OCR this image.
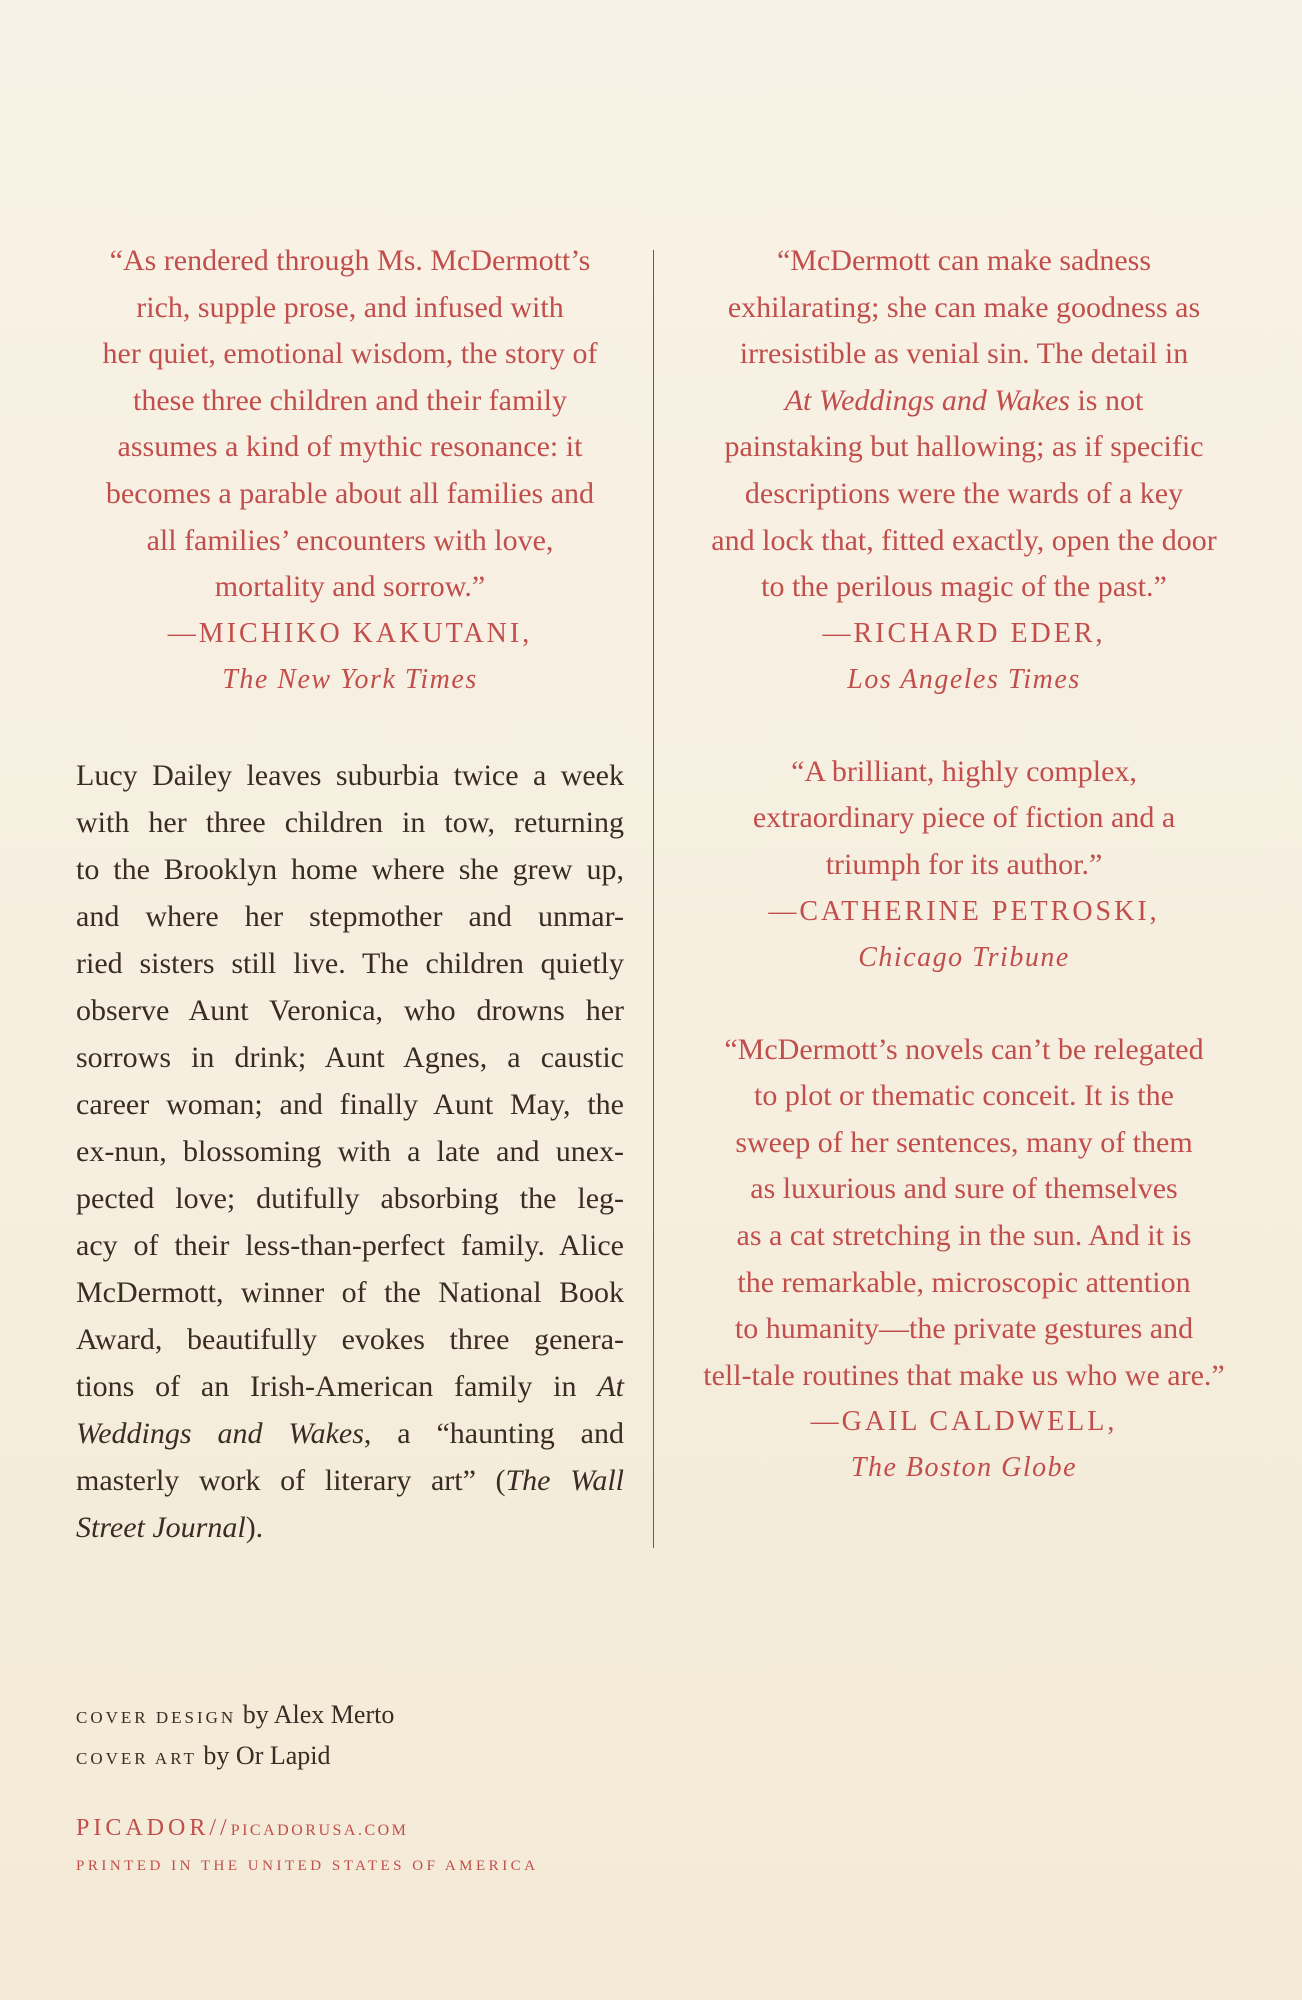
“As rendered through Ms. McDermott’s
rich, supple prose, and infused with
her quiet, emotional wisdom, the story of
these three children and their family
assumes a kind of mythic resonance: it
becomes a parable about all families and
all families’ encounters with love,
mortality and sorrow.”

—MICHIKO KAKUTANI,

The New York Times

Lucy Dailey leaves suburbia twice a week
with her three children in tow, returning
to the Brooklyn home where she grew up,
and where her stepmother and unmar-
ried sisters still live. The children quietly
observe Aunt Veronica, who drowns her
sorrows in drink; Aunt Agnes, a caustic
career woman; and finally Aunt May, the
ex-nun, blossoming with a late and unex-
pected love; dutifully absorbing the leg-
acy of their less-than-perfect family. Alice
McDermott, winner of the National Book
Award, beautifully evokes three genera-
tions of an Irish-American family in At
Weddings and Wakes, a “haunting and
masterly work of literary art” (The Wall
Street Journal).

“McDermott can make sadness
exhilarating; she can make goodness as
irresistible as venial sin. The detail in
At Weddings and Wakes is not
painstaking but hallowing; as if specific
descriptions were the wards of a key
and lock that, fitted exactly, open the door
to the perilous magic of the past.”

—RICHARD EDER,

Los Angeles Times

“A brilliant, highly complex,
extraordinary piece of fiction and a
triumph for its author.”

—CATHERINE PETROSKI,

Chicago Tribune

“McDermott’s novels can’t be relegated
to plot or thematic conceit. It is the
sweep of her sentences, many of them
as luxurious and sure of themselves
as a cat stretching in the sun. And it is
the remarkable, microscopic attention
to humanity—the private gestures and
tell-tale routines that make us who we are.”

—GAIL CALDWELL,

The Boston Globe

COVER DESIGN by Alex Merto
COVER ART by Or Lapid
PICADOR//PICADORUSA.COM
PRINTED IN THE UNITED STATES OF AMERICA
